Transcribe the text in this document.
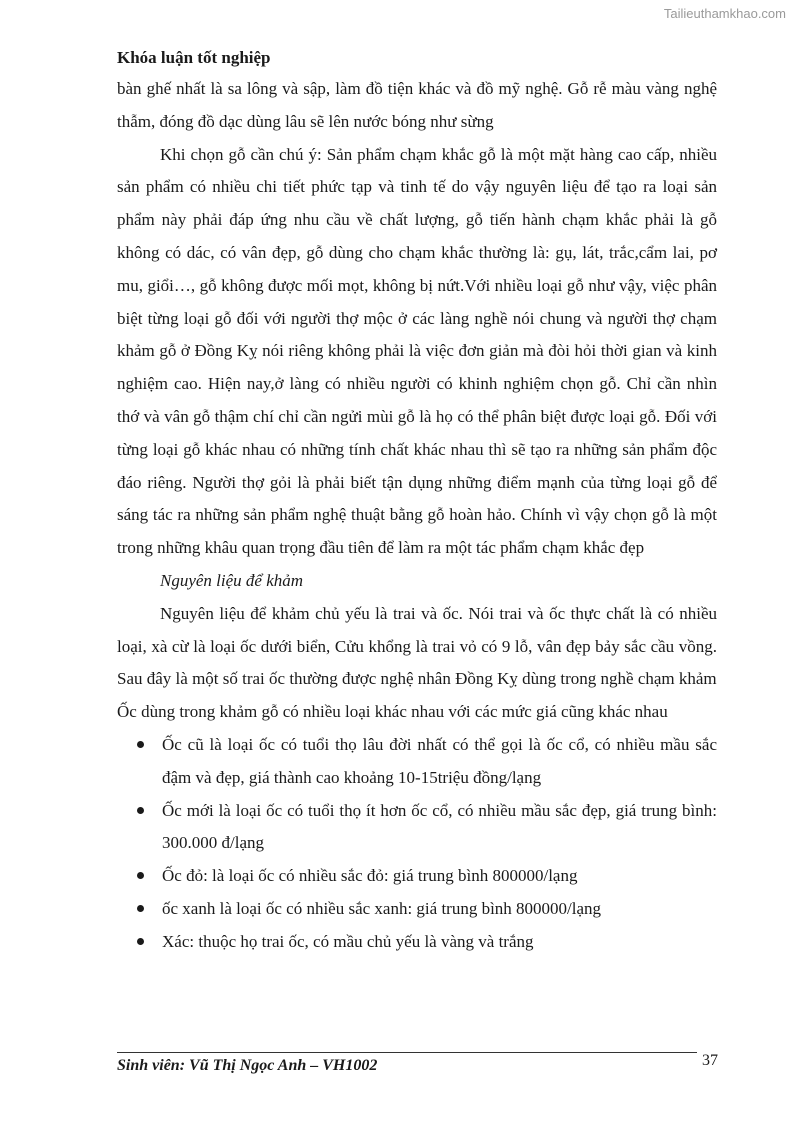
Tailieuthamkhao.com
Khóa luận tốt nghiệp

bàn ghế nhất là sa lông và sập, làm đồ tiện khác và đồ mỹ nghệ. Gỗ rễ màu vàng nghệ thẫm, đóng đồ dạc dùng lâu sẽ lên nước bóng như sừng

Khi chọn gỗ cần chú ý: Sản phẩm chạm khắc gỗ là một mặt hàng cao cấp, nhiều sản phẩm có nhiều chi tiết phức tạp và tinh tế do vậy nguyên liệu để tạo ra loại sản phẩm này phải đáp ứng nhu cầu về chất lượng, gỗ tiến hành chạm khắc phải là gỗ không có dác, có vân đẹp, gỗ dùng cho chạm khắc thường là: gụ, lát, trắc,cẩm lai, pơ mu, giổi…, gỗ không được mối mọt, không bị nứt.Với nhiều loại gỗ như vậy, việc phân biệt từng loại gỗ đối với người thợ mộc ở các làng nghề nói chung và người thợ chạm khảm gỗ ở Đồng Kỵ nói riêng không phải là việc đơn giản mà đòi hỏi thời gian và kinh nghiệm cao. Hiện nay,ở làng có nhiều người có khinh nghiệm chọn gỗ. Chỉ cần nhìn thớ và vân gỗ thậm chí chỉ cần ngửi mùi gỗ là họ có thể phân biệt được loại gỗ. Đối với từng loại gỗ khác nhau có những tính chất khác nhau thì sẽ tạo ra những sản phẩm độc đáo riêng. Người thợ gỏi là phải biết tận dụng những điểm mạnh của từng loại gỗ để sáng tác ra những sản phẩm nghệ thuật bằng gỗ hoàn hảo. Chính vì vậy chọn gỗ là một trong những khâu quan trọng đầu tiên để làm ra một tác phẩm chạm khắc đẹp

Nguyên liệu để khảm

Nguyên liệu để khảm chủ yếu là trai và ốc. Nói trai và ốc thực chất là có nhiều loại, xà cừ là loại ốc dưới biển, Cửu khổng là trai vỏ có 9 lỗ, vân đẹp bảy sắc cầu vồng. Sau đây là một số trai ốc thường được nghệ nhân Đồng Kỵ dùng trong nghề chạm khảm

Ốc dùng trong khảm gỗ có nhiều loại khác nhau với các mức giá cũng khác nhau

Ốc cũ là loại ốc có tuổi thọ lâu đời nhất có thể gọi là ốc cổ, có nhiều mầu sắc đậm và đẹp, giá thành cao khoảng 10-15triệu đồng/lạng
Ốc mới là loại ốc có tuổi thọ ít hơn ốc cổ, có nhiều mầu sắc đẹp, giá trung bình: 300.000 đ/lạng
Ốc đỏ: là loại ốc có nhiều sắc đỏ: giá trung bình 800000/lạng
ốc xanh là loại ốc có nhiều sắc xanh: giá trung bình 800000/lạng
Xác: thuộc họ trai ốc, có mầu chủ yếu là vàng và trắng
Sinh viên: Vũ Thị Ngọc Anh – VH1002	37
